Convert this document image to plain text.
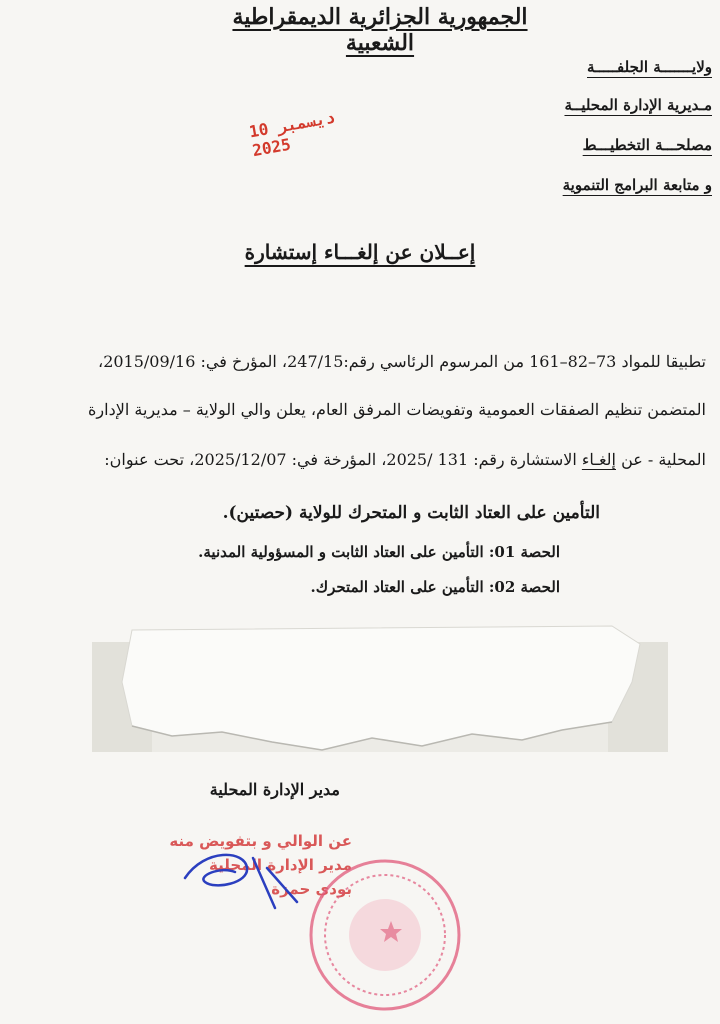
الجمهورية الجزائرية الديمقراطية الشعبية
ولايـــــــة الجلفـــــة
مـديرية الإدارة المحليــة
مصلحـــة التخطيـــط
و متابعة البرامج التنموية
10 ديسمبر 2025
إعــلان عن إلغـــاء إستشارة
تطبيقا للمواد 73–82–161 من المرسوم الرئاسي رقم:247/15، المؤرخ في: 2015/09/16،
المتضمن تنظيم الصفقات العمومية وتفويضات المرفق العام، يعلن والي الولاية – مديرية الإدارة
المحلية - عن إلغـاء الاستشارة رقم: 131 /2025، المؤرخة في: 2025/12/07، تحت عنوان:
التأمين على العتاد الثابت و المتحرك للولاية (حصتين).
الحصة 01: التأمين على العتاد الثابت و المسؤولية المدنية.
الحصة 02: التأمين على العتاد المتحرك.
مدير الإدارة المحلية
عن الوالي و بتفويض منه
مدير الإدارة المحلية
بودي حمزة
